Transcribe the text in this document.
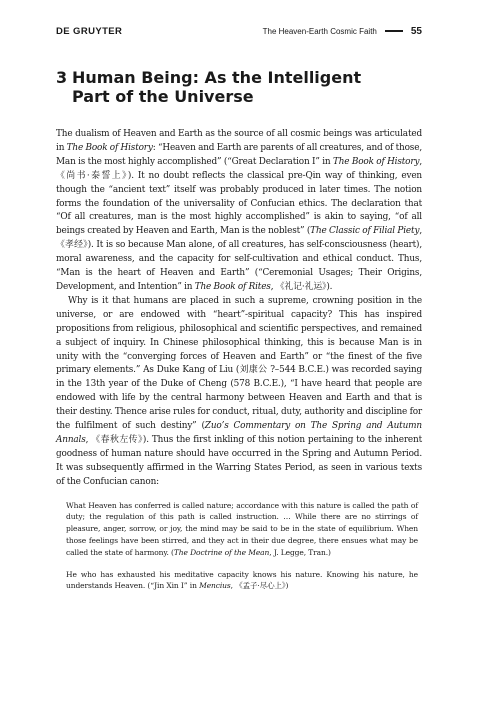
DE GRUYTER	The Heaven-Earth Cosmic Faith	55
3 Human Being: As the Intelligent Part of the Universe

The dualism of Heaven and Earth as the source of all cosmic beings was articulated in The Book of History: “Heaven and Earth are parents of all creatures, and of those, Man is the most highly accomplished” (“Great Declaration I” in The Book of History, 《尚书·泰誓上》). It no doubt reflects the classical pre-Qin way of thinking, even though the “ancient text” itself was probably produced in later times. The notion forms the foundation of the universality of Confucian ethics. The declaration that “Of all creatures, man is the most highly accomplished” is akin to saying, “of all beings created by Heaven and Earth, Man is the noblest” (The Classic of Filial Piety, 《孝经》). It is so because Man alone, of all creatures, has self-consciousness (heart), moral awareness, and the capacity for self-cultivation and ethical conduct. Thus, “Man is the heart of Heaven and Earth” (“Ceremonial Usages; Their Origins, Development, and Intention” in The Book of Rites, 《礼记·礼运》).

Why is it that humans are placed in such a supreme, crowning position in the universe, or are endowed with “heart”-spiritual capacity? This has inspired propositions from religious, philosophical and scientific perspectives, and remained a subject of inquiry. In Chinese philosophical thinking, this is because Man is in unity with the “converging forces of Heaven and Earth” or “the finest of the five primary elements.” As Duke Kang of Liu (刘康公 ?–544 B.C.E.) was recorded saying in the 13th year of the Duke of Cheng (578 B.C.E.), “I have heard that people are endowed with life by the central harmony between Heaven and Earth and that is their destiny. Thence arise rules for conduct, ritual, duty, authority and discipline for the fulfilment of such destiny” (Zuo’s Commentary on The Spring and Autumn Annals, 《春秋左传》). Thus the first inkling of this notion pertaining to the inherent goodness of human nature should have occurred in the Spring and Autumn Period. It was subsequently affirmed in the Warring States Period, as seen in various texts of the Confucian canon:

What Heaven has conferred is called nature; accordance with this nature is called the path of duty; the regulation of this path is called instruction. … While there are no stirrings of pleasure, anger, sorrow, or joy, the mind may be said to be in the state of equilibrium. When those feelings have been stirred, and they act in their due degree, there ensues what may be called the state of harmony. (The Doctrine of the Mean, J. Legge, Tran.)
He who has exhausted his meditative capacity knows his nature. Knowing his nature, he understands Heaven. (“Jin Xin I” in Mencius, 《孟子·尽心上》)
